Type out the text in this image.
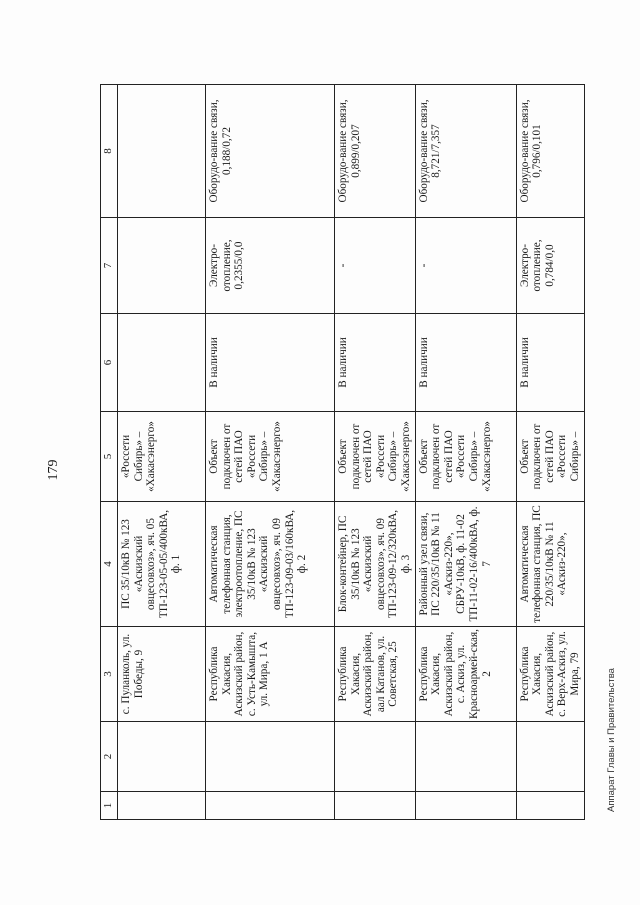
179
1	2	3	4	5	6	7	8
		с. Пуланколь, ул. Победы, 9	ПС 35/10кВ № 123 «Аскизский овцесовхоз», яч. 05 ТП-123-05-05/400кВА, ф. 1	«Россети Сибирь» – «Хакасэнерго»			
		Республика Хакасия, Аскизский район, с. Усть-Камышта, ул. Мира, 1 А	Автоматическая телефонная станция, электроотопление, ПС 35/10кВ № 123 «Аскизский овцесовхоз», яч. 09 ТП-123-09-03/160кВА, ф. 2	Объект подключен от сетей ПАО «Россети Сибирь» – «Хакасэнерго»	В наличии	Электро-отопление, 0,2355/0,0	Оборудо-вание связи, 0,188/0,72
		Республика Хакасия, Аскизский район, аал Катанов, ул. Советская, 25	Блок-контейнер, ПС 35/10кВ № 123 «Аскизский овцесовхоз», яч. 09 ТП-123-09-12/320кВА, ф. 3	Объект подключен от сетей ПАО «Россети Сибирь» – «Хакасэнерго»	В наличии	-	Оборудо-вание связи, 0,899/0,207
		Республика Хакасия, Аскизский район, с. Аскиз, ул. Красноармей-ская, 2	Районный узел связи, ПС 220/35/10кВ № 11 «Аскиз-220», СБРУ-10кВ, ф. 11-02 ТП-11-02-16/400кВА, ф. 7	Объект подключен от сетей ПАО «Россети Сибирь» – «Хакасэнерго»	В наличии	-	Оборудо-вание связи, 8,721/7,357
		Республика Хакасия, Аскизский район, с. Верх-Аскиз, ул. Мира, 79	Автоматическая телефонная станция, ПС 220/35/10кВ № 11 «Аскиз-220»,	Объект подключен от сетей ПАО «Россети Сибирь» –	В наличии	Электро-отопление, 0,784/0,0	Оборудо-вание связи, 0,796/0,101
Аппарат Главы и Правительства
